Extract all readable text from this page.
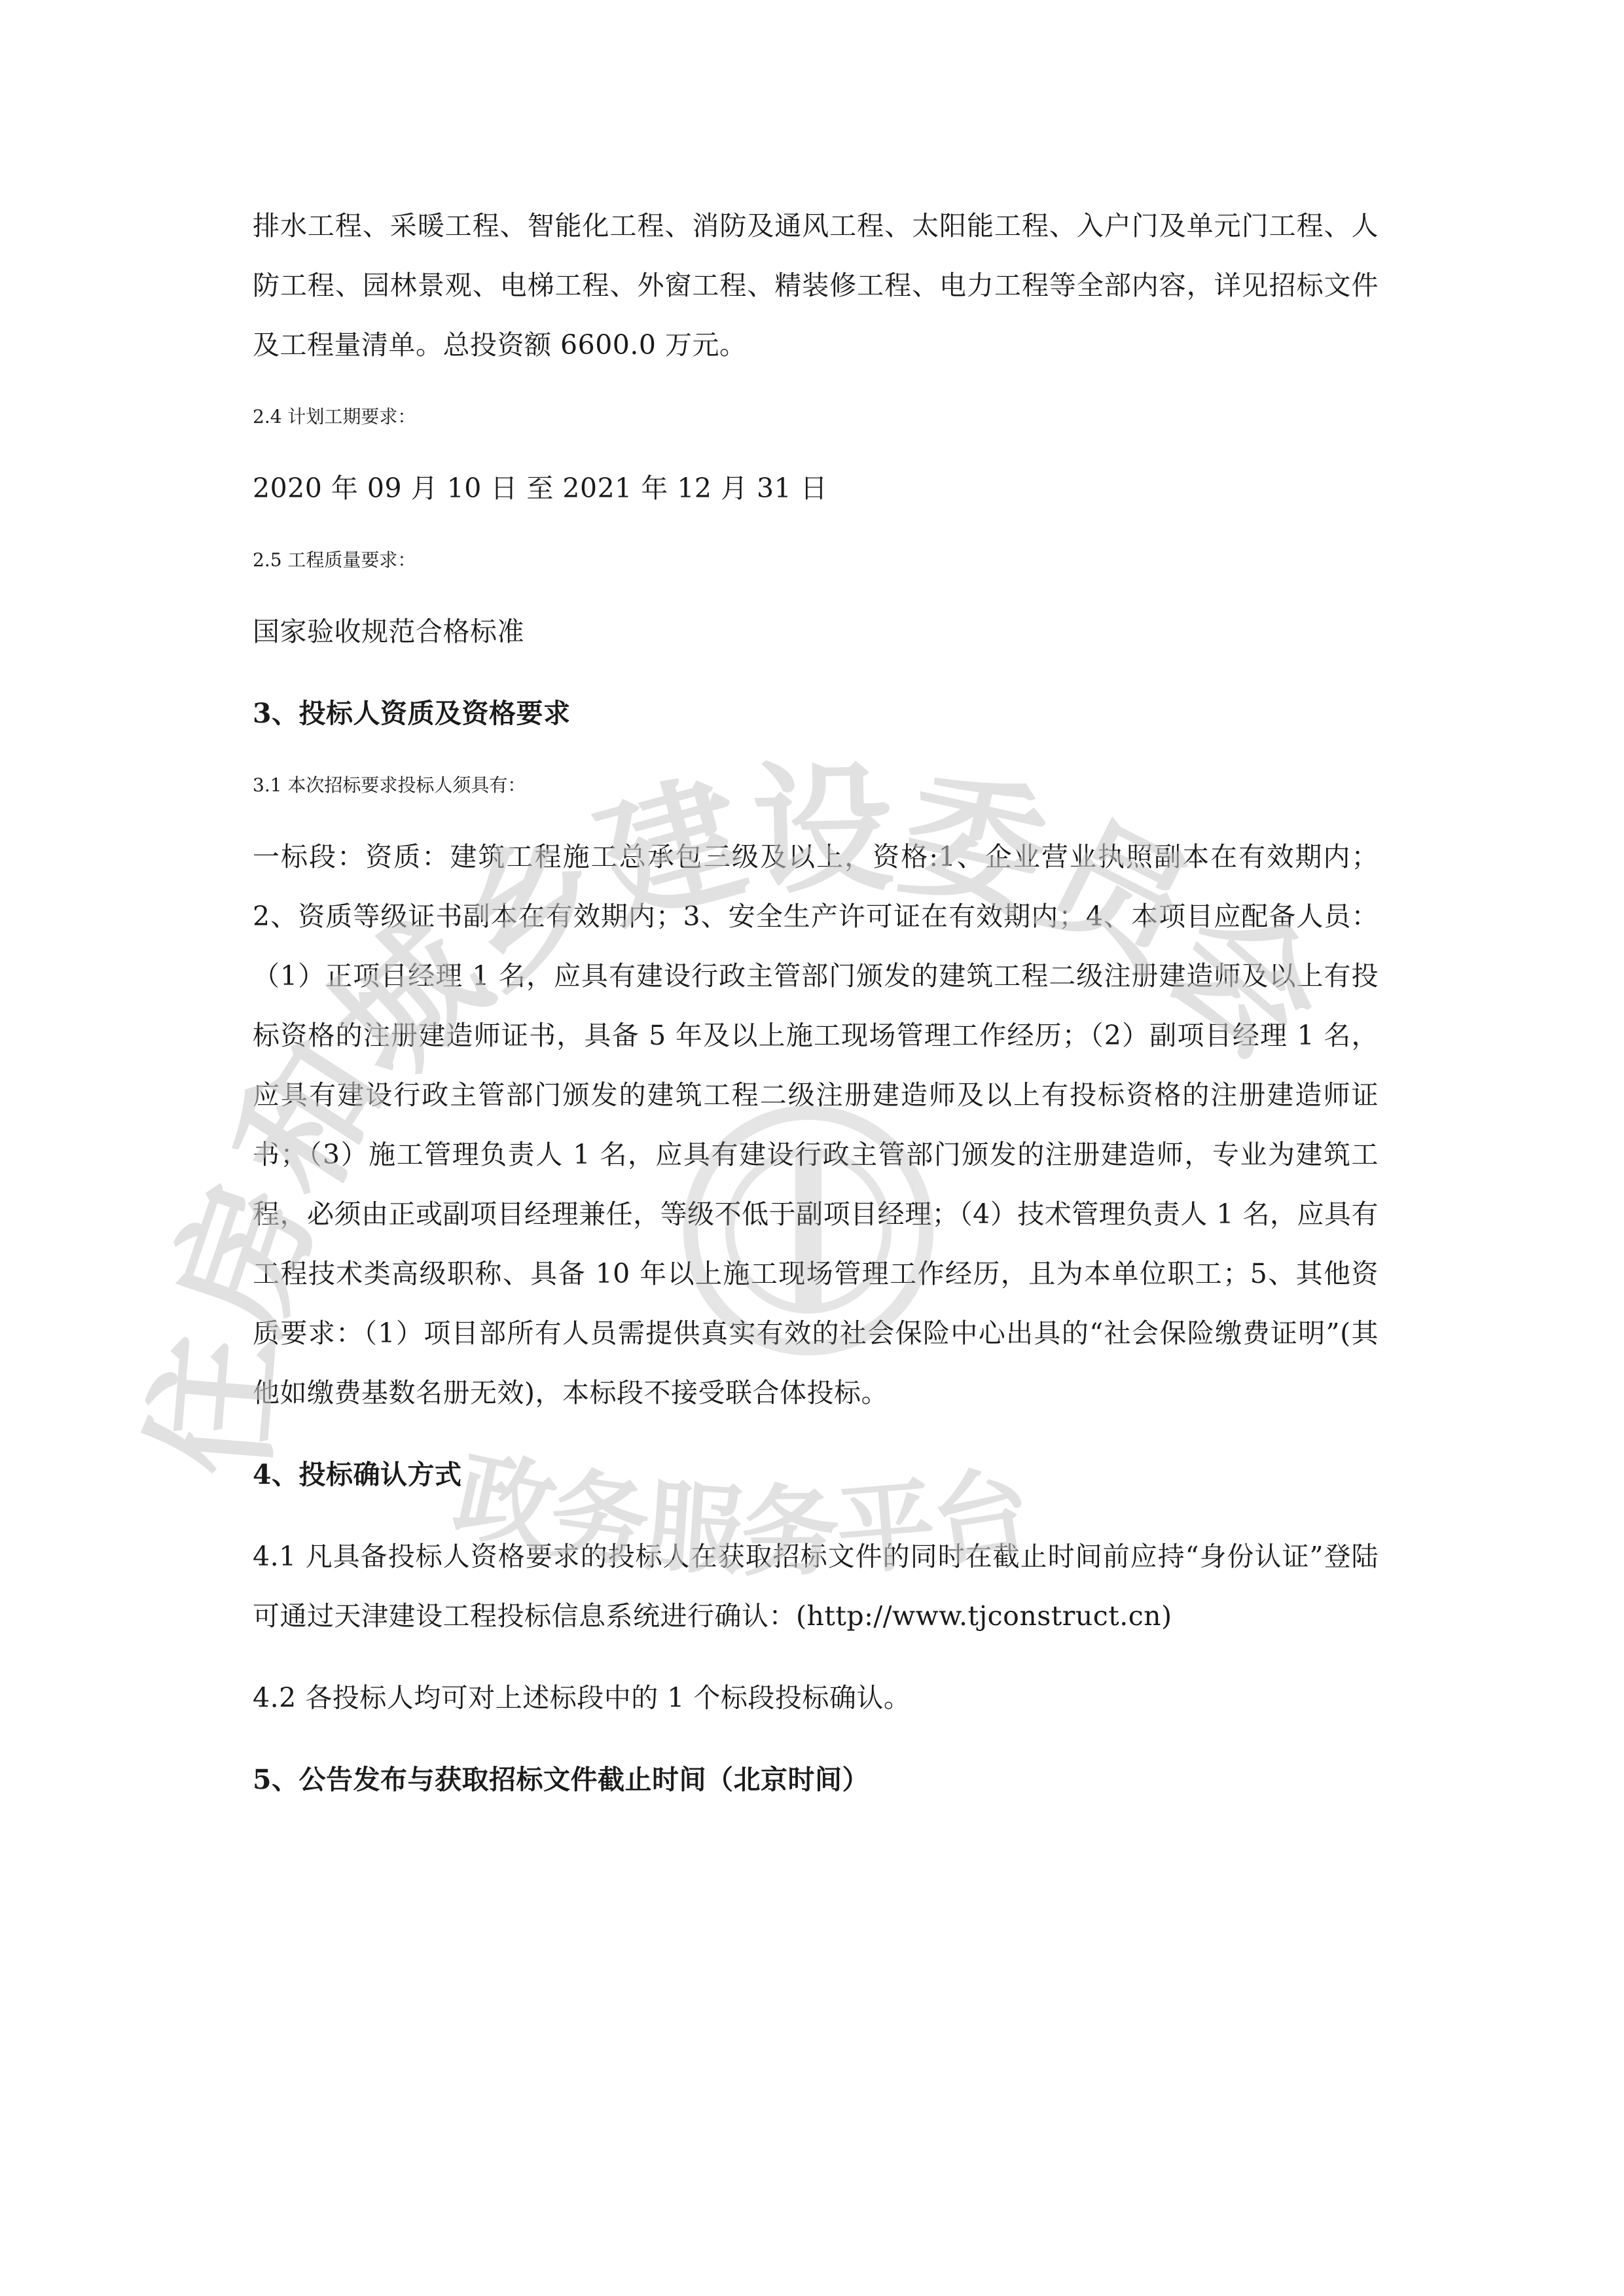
排水工程、采暖工程、智能化工程、消防及通风工程、太阳能工程、入户门及单元门工程、人防工程、园林景观、电梯工程、外窗工程、精装修工程、电力工程等全部内容，详见招标文件及工程量清单。总投资额 6600.0 万元。

2.4 计划工期要求：

2020 年 09 月 10 日 至 2021 年 12 月 31 日

2.5 工程质量要求：

国家验收规范合格标准

3、投标人资质及资格要求

3.1 本次招标要求投标人须具有：

一标段：资质：建筑工程施工总承包三级及以上，资格:1、企业营业执照副本在有效期内；2、资质等级证书副本在有效期内；3、安全生产许可证在有效期内；4、本项目应配备人员：（1）正项目经理 1 名，应具有建设行政主管部门颁发的建筑工程二级注册建造师及以上有投标资格的注册建造师证书，具备 5 年及以上施工现场管理工作经历；（2）副项目经理 1 名，应具有建设行政主管部门颁发的建筑工程二级注册建造师及以上有投标资格的注册建造师证书；（3）施工管理负责人 1 名，应具有建设行政主管部门颁发的注册建造师，专业为建筑工程，必须由正或副项目经理兼任，等级不低于副项目经理；（4）技术管理负责人 1 名，应具有工程技术类高级职称、具备 10 年以上施工现场管理工作经历，且为本单位职工；5、其他资质要求：（1）项目部所有人员需提供真实有效的社会保险中心出具的“社会保险缴费证明”(其他如缴费基数名册无效)，本标段不接受联合体投标。

4、投标确认方式

4.1 凡具备投标人资格要求的投标人在获取招标文件的同时在截止时间前应持“身份认证”登陆可通过天津建设工程投标信息系统进行确认：(http://www.tjconstruct.cn)

4.2 各投标人均可对上述标段中的 1 个标段投标确认。

5、公告发布与获取招标文件截止时间（北京时间）

住房和城乡建设委员会
政务服务平台
